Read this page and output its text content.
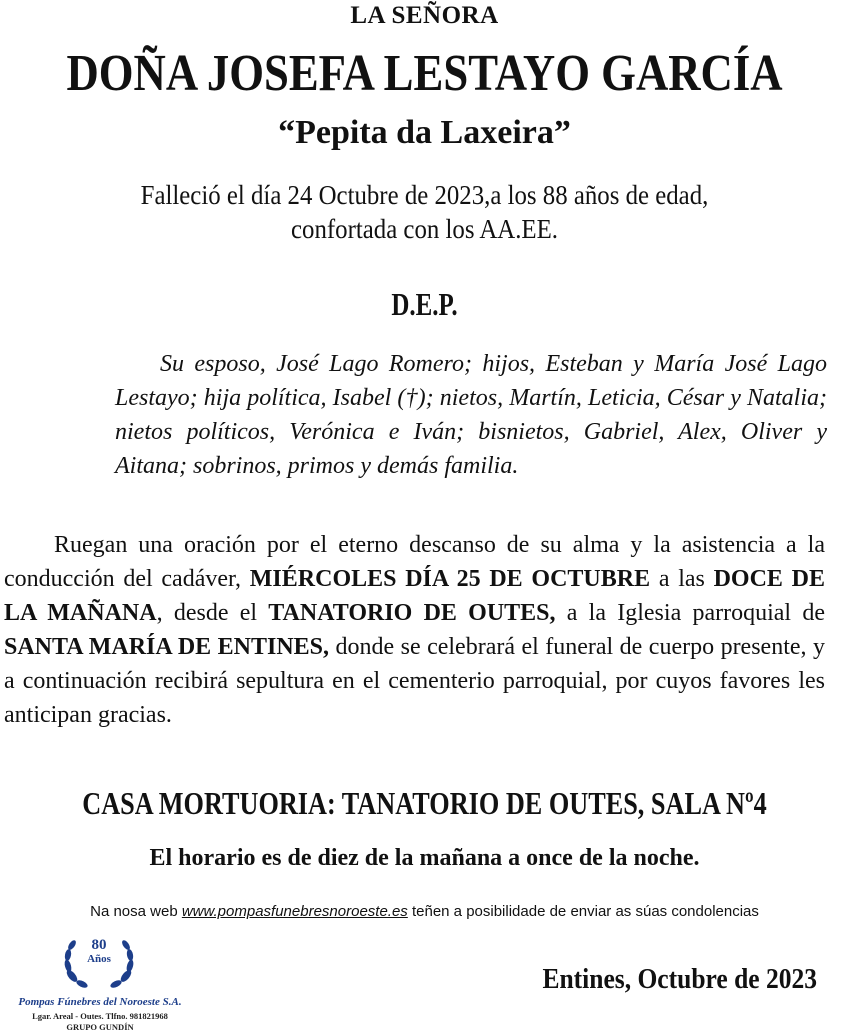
LA SEÑORA
DOÑA JOSEFA LESTAYO GARCÍA
“Pepita da Laxeira”
Falleció el día 24 Octubre de 2023,a los 88 años de edad,
confortada con los AA.EE.
D.E.P.
Su esposo, José Lago Romero; hijos, Esteban y María José Lago Lestayo; hija política, Isabel (†); nietos, Martín, Leticia, César y Natalia; nietos políticos, Verónica e Iván; bisnietos, Gabriel, Alex, Oliver y Aitana; sobrinos, primos y demás familia.
Ruegan una oración por el eterno descanso de su alma y la asistencia a la conducción del cadáver, MIÉRCOLES DÍA 25 DE OCTUBRE a las DOCE DE LA MAÑANA, desde el TANATORIO DE OUTES, a la Iglesia parroquial de SANTA MARÍA DE ENTINES, donde se celebrará el funeral de cuerpo presente, y a continuación recibirá sepultura en el cementerio parroquial, por cuyos favores les anticipan gracias.
CASA MORTUORIA: TANATORIO DE OUTES, SALA Nº4
El horario es de diez de la mañana a once de la noche.
Na nosa web www.pompasfunebresnoroeste.es teñen a posibilidade de enviar as súas condolencias
80
Años
Pompas Fúnebres del Noroeste S.A.
Lgar. Areal - Outes. Tlfno. 981821968
GRUPO GUNDÍN
Entines, Octubre de 2023
